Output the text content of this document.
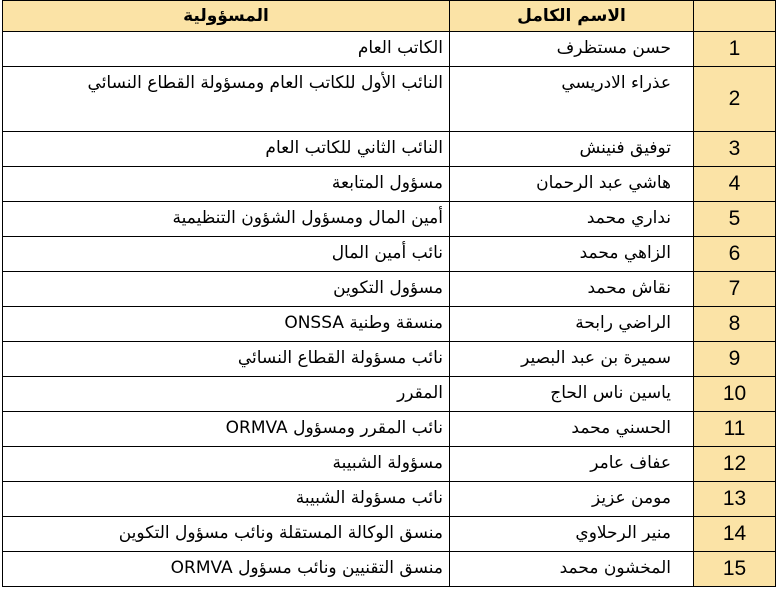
	الاسم الكامل	المسؤولية
1	حسن مستظرف	الكاتب العام
2	عذراء الادريسي	النائب الأول للكاتب العام ومسؤولة القطاع النسائي
3	توفيق فنينش	النائب الثاني للكاتب العام
4	هاشي عبد الرحمان	مسؤول المتابعة
5	نداري محمد	أمين المال ومسؤول الشؤون التنظيمية
6	الزاهي محمد	نائب أمين المال
7	نقاش محمد	مسؤول التكوين
8	الراضي رابحة	منسقة وطنية ONSSA
9	سميرة بن عبد البصير	نائب مسؤولة القطاع النسائي
10	ياسين ناس الحاج	المقرر
11	الحسني محمد	نائب المقرر ومسؤول ORMVA
12	عفاف عامر	مسؤولة الشبيبة
13	مومن عزيز	نائب مسؤولة الشبيبة
14	منير الرحلاوي	منسق الوكالة المستقلة ونائب مسؤول التكوين
15	المخشون محمد	منسق التقنيين ونائب مسؤول ORMVA
